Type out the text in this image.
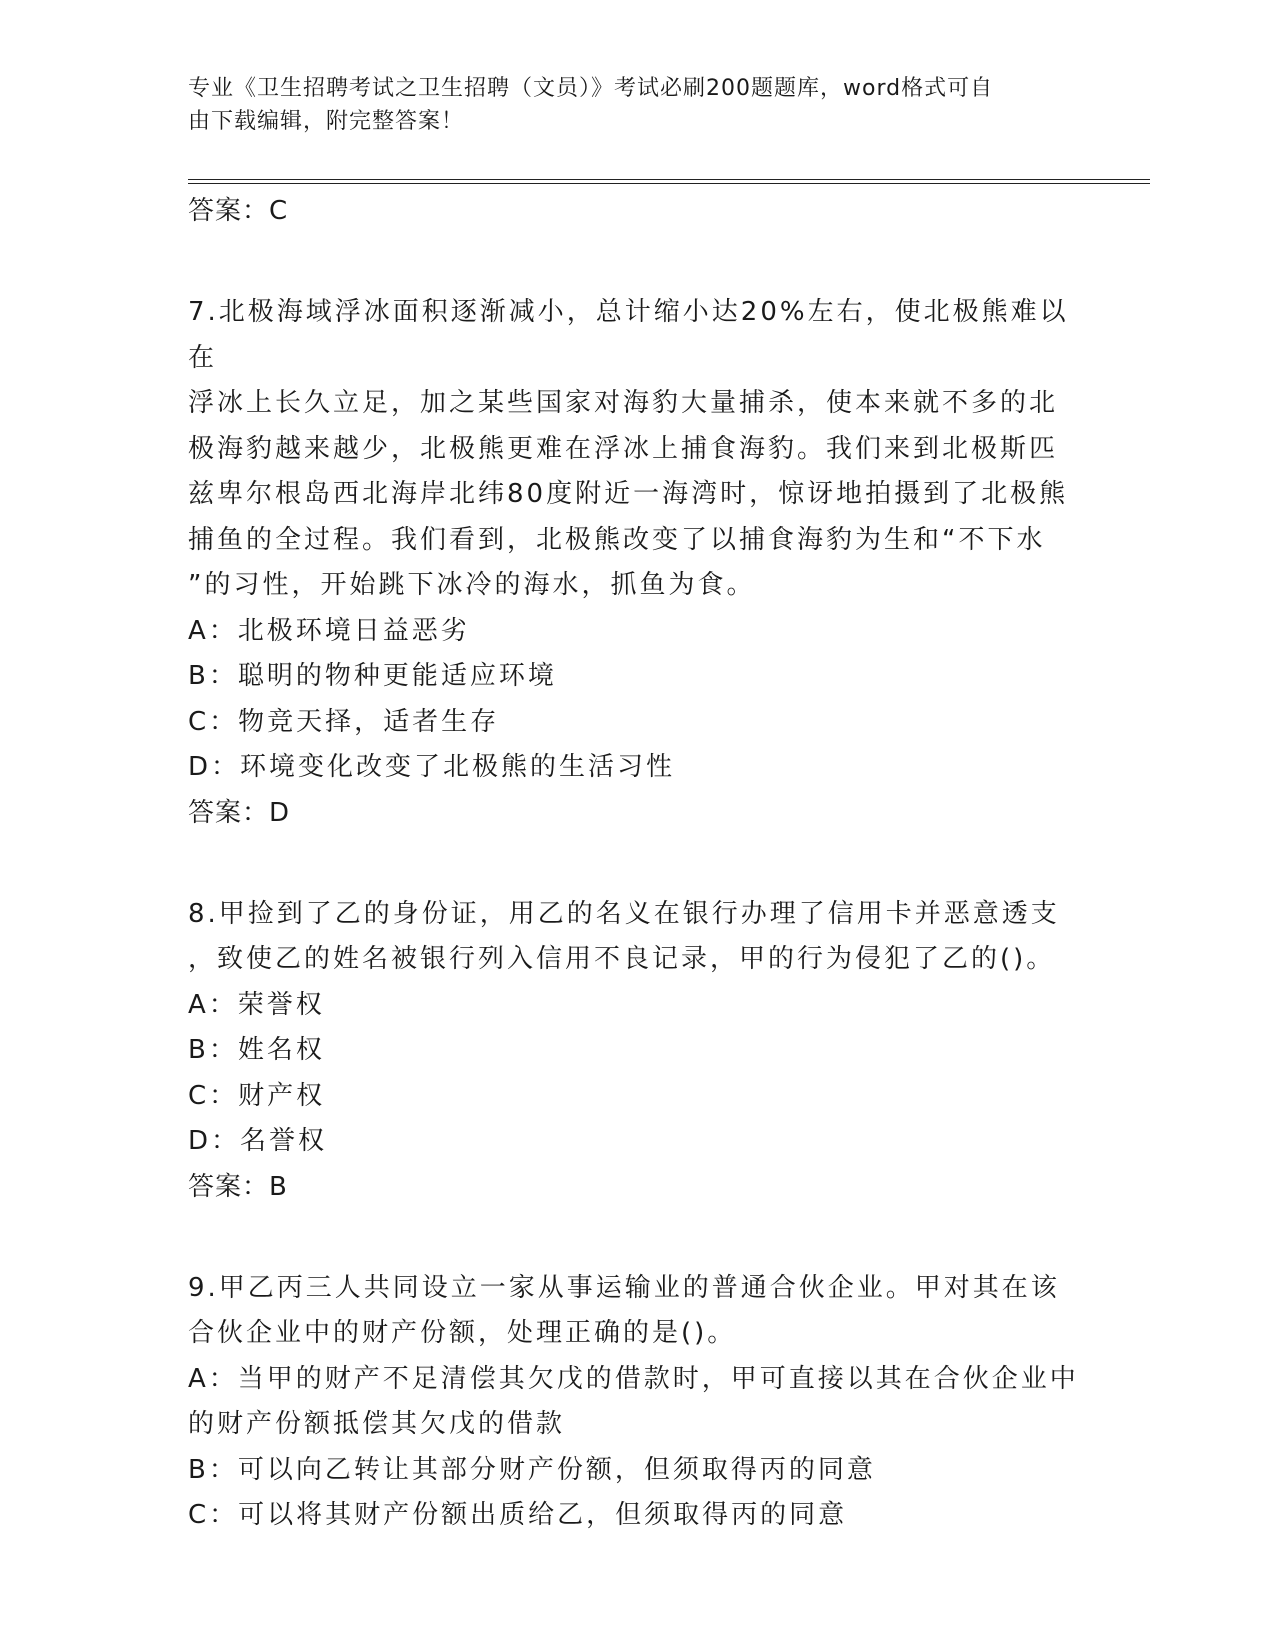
专业《卫生招聘考试之卫生招聘（文员）》考试必刷200题题库，word格式可自
由下载编辑，附完整答案！
答案：C
7.北极海域浮冰面积逐渐减小，总计缩小达20%左右，使北极熊难以在
浮冰上长久立足，加之某些国家对海豹大量捕杀，使本来就不多的北
极海豹越来越少，北极熊更难在浮冰上捕食海豹。我们来到北极斯匹
兹卑尔根岛西北海岸北纬80度附近一海湾时，惊讶地拍摄到了北极熊
捕鱼的全过程。我们看到，北极熊改变了以捕食海豹为生和“不下水
”的习性，开始跳下冰冷的海水，抓鱼为食。
A：北极环境日益恶劣
B：聪明的物种更能适应环境
C：物竞天择，适者生存
D：环境变化改变了北极熊的生活习性
答案：D
8.甲捡到了乙的身份证，用乙的名义在银行办理了信用卡并恶意透支
，致使乙的姓名被银行列入信用不良记录，甲的行为侵犯了乙的()。
A：荣誉权
B：姓名权
C：财产权
D：名誉权
答案：B
9.甲乙丙三人共同设立一家从事运输业的普通合伙企业。甲对其在该
合伙企业中的财产份额，处理正确的是()。
A：当甲的财产不足清偿其欠戊的借款时，甲可直接以其在合伙企业中
的财产份额抵偿其欠戊的借款
B：可以向乙转让其部分财产份额，但须取得丙的同意
C：可以将其财产份额出质给乙，但须取得丙的同意
